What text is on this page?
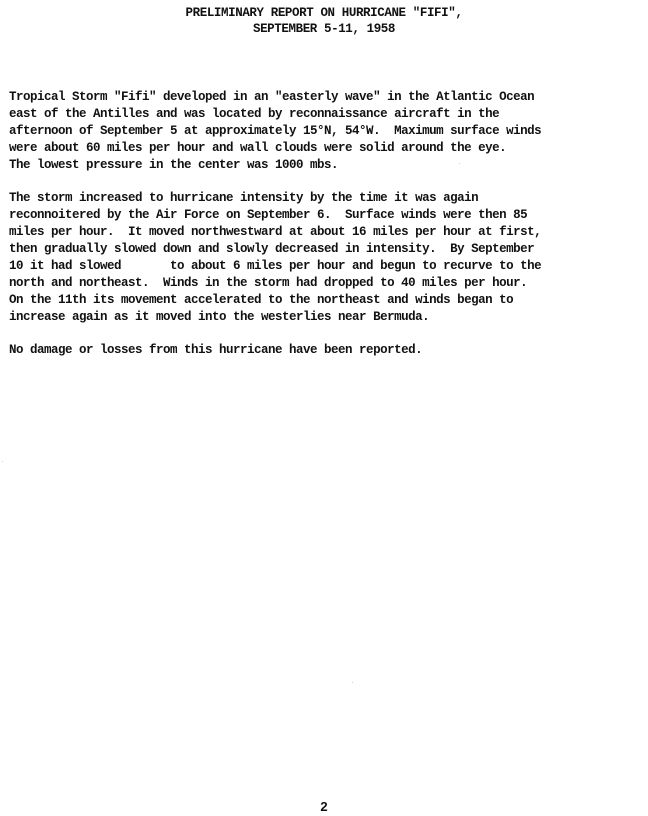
PRELIMINARY REPORT ON HURRICANE "FIFI",
SEPTEMBER 5-11, 1958

Tropical Storm "Fifi" developed in an "easterly wave" in the Atlantic Ocean
east of the Antilles and was located by reconnaissance aircraft in the
afternoon of September 5 at approximately 15°N, 54°W.  Maximum surface winds
were about 60 miles per hour and wall clouds were solid around the eye.
The lowest pressure in the center was 1000 mbs.

The storm increased to hurricane intensity by the time it was again
reconnoitered by the Air Force on September 6.  Surface winds were then 85
miles per hour.  It moved northwestward at about 16 miles per hour at first,
then gradually slowed down and slowly decreased in intensity.  By September
10 it had slowed       to about 6 miles per hour and begun to recurve to the
north and northeast.  Winds in the storm had dropped to 40 miles per hour.
On the 11th its movement accelerated to the northeast and winds began to
increase again as it moved into the westerlies near Bermuda.

No damage or losses from this hurricane have been reported.

2
